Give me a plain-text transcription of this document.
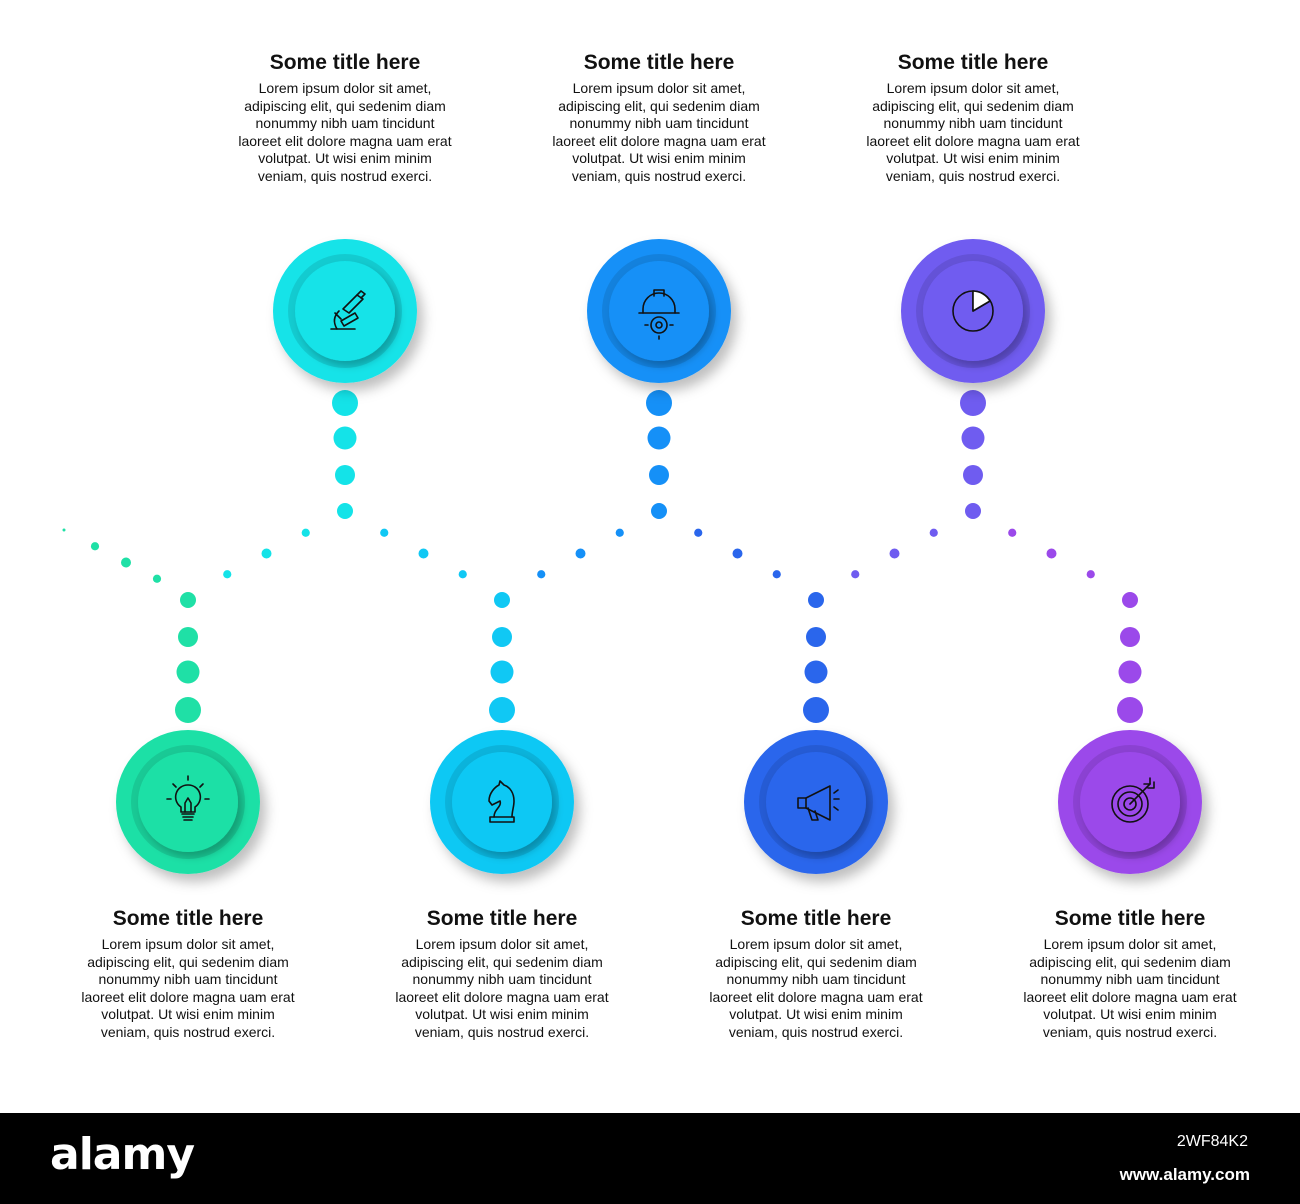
Some title here
Lorem ipsum dolor sit amet, adipiscing elit, qui sedenim diam nonummy nibh uam tincidunt laoreet elit dolore magna uam erat volutpat. Ut wisi enim minim veniam, quis nostrud exerci.
Some title here
Lorem ipsum dolor sit amet, adipiscing elit, qui sedenim diam nonummy nibh uam tincidunt laoreet elit dolore magna uam erat volutpat. Ut wisi enim minim veniam, quis nostrud exerci.
Some title here
Lorem ipsum dolor sit amet, adipiscing elit, qui sedenim diam nonummy nibh uam tincidunt laoreet elit dolore magna uam erat volutpat. Ut wisi enim minim veniam, quis nostrud exerci.
Some title here
Lorem ipsum dolor sit amet, adipiscing elit, qui sedenim diam nonummy nibh uam tincidunt laoreet elit dolore magna uam erat volutpat. Ut wisi enim minim veniam, quis nostrud exerci.
Some title here
Lorem ipsum dolor sit amet, adipiscing elit, qui sedenim diam nonummy nibh uam tincidunt laoreet elit dolore magna uam erat volutpat. Ut wisi enim minim veniam, quis nostrud exerci.
Some title here
Lorem ipsum dolor sit amet, adipiscing elit, qui sedenim diam nonummy nibh uam tincidunt laoreet elit dolore magna uam erat volutpat. Ut wisi enim minim veniam, quis nostrud exerci.
Some title here
Lorem ipsum dolor sit amet, adipiscing elit, qui sedenim diam nonummy nibh uam tincidunt laoreet elit dolore magna uam erat volutpat. Ut wisi enim minim veniam, quis nostrud exerci.
alamy	2WF84K2
www.alamy.com
